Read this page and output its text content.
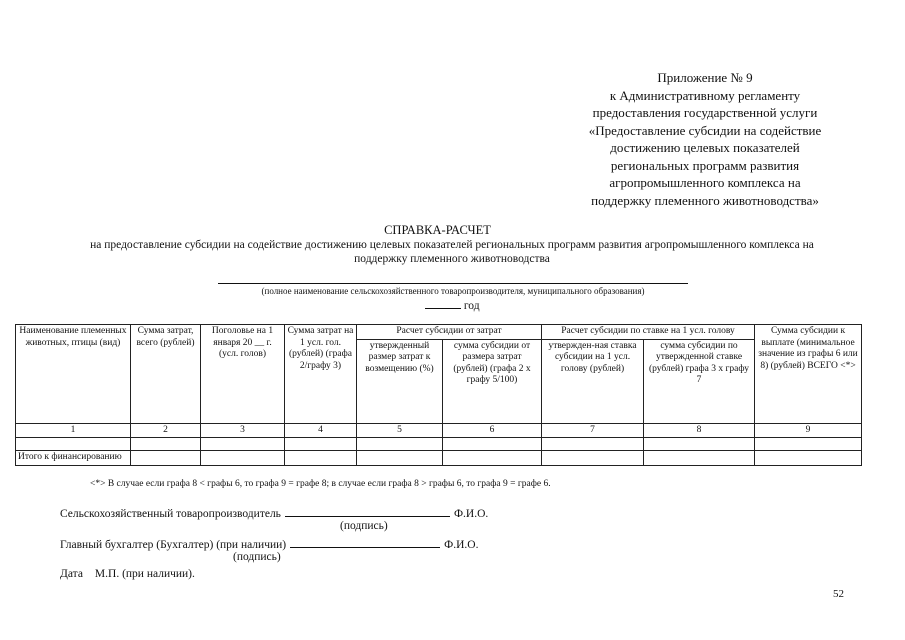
Приложение № 9
к Административному регламенту
предоставления государственной услуги
«Предоставление субсидии на содействие
достижению целевых показателей
региональных программ развития
агропромышленного комплекса на
поддержку племенного животноводства»
СПРАВКА-РАСЧЕТ
на предоставление субсидии на содействие достижению целевых показателей региональных программ развития агропромышленного комплекса на поддержку племенного животноводства
(полное наименование сельскохозяйственного товаропроизводителя, муниципального образования)
год
Наименование племенных животных, птицы (вид)	Сумма затрат, всего (рублей)	Поголовье на 1 января 20 __ г. (усл. голов)	Сумма затрат на 1 усл. гол. (рублей) (графа 2/графу 3)	Расчет субсидии от затрат		Расчет субсидии по ставке на 1 усл. голову		Сумма субсидии к выплате (минимальное значение из графы 6 или 8) (рублей) ВСЕГО <*>
				утвержденный размер затрат к возмещению (%)	сумма субсидии от размера затрат (рублей) (графа 2 х графу 5/100)	утвержден-ная ставка субсидии на 1 усл. голову (рублей)	сумма субсидии по утвержденной ставке (рублей) графа 3 х графу 7	
1	2	3	4	5	6	7	8	9

Итого к финансированию								
<*> В случае если графа 8 < графы 6, то графа 9 = графе 8; в случае если графа 8 > графы 6, то графа 9 = графе 6.
Сельскохозяйственный товаропроизводитель	Ф.И.О.
(подпись)
Главный бухгалтер (Бухгалтер) (при наличии)	Ф.И.О.
(подпись)
Дата М.П. (при наличии).
52
